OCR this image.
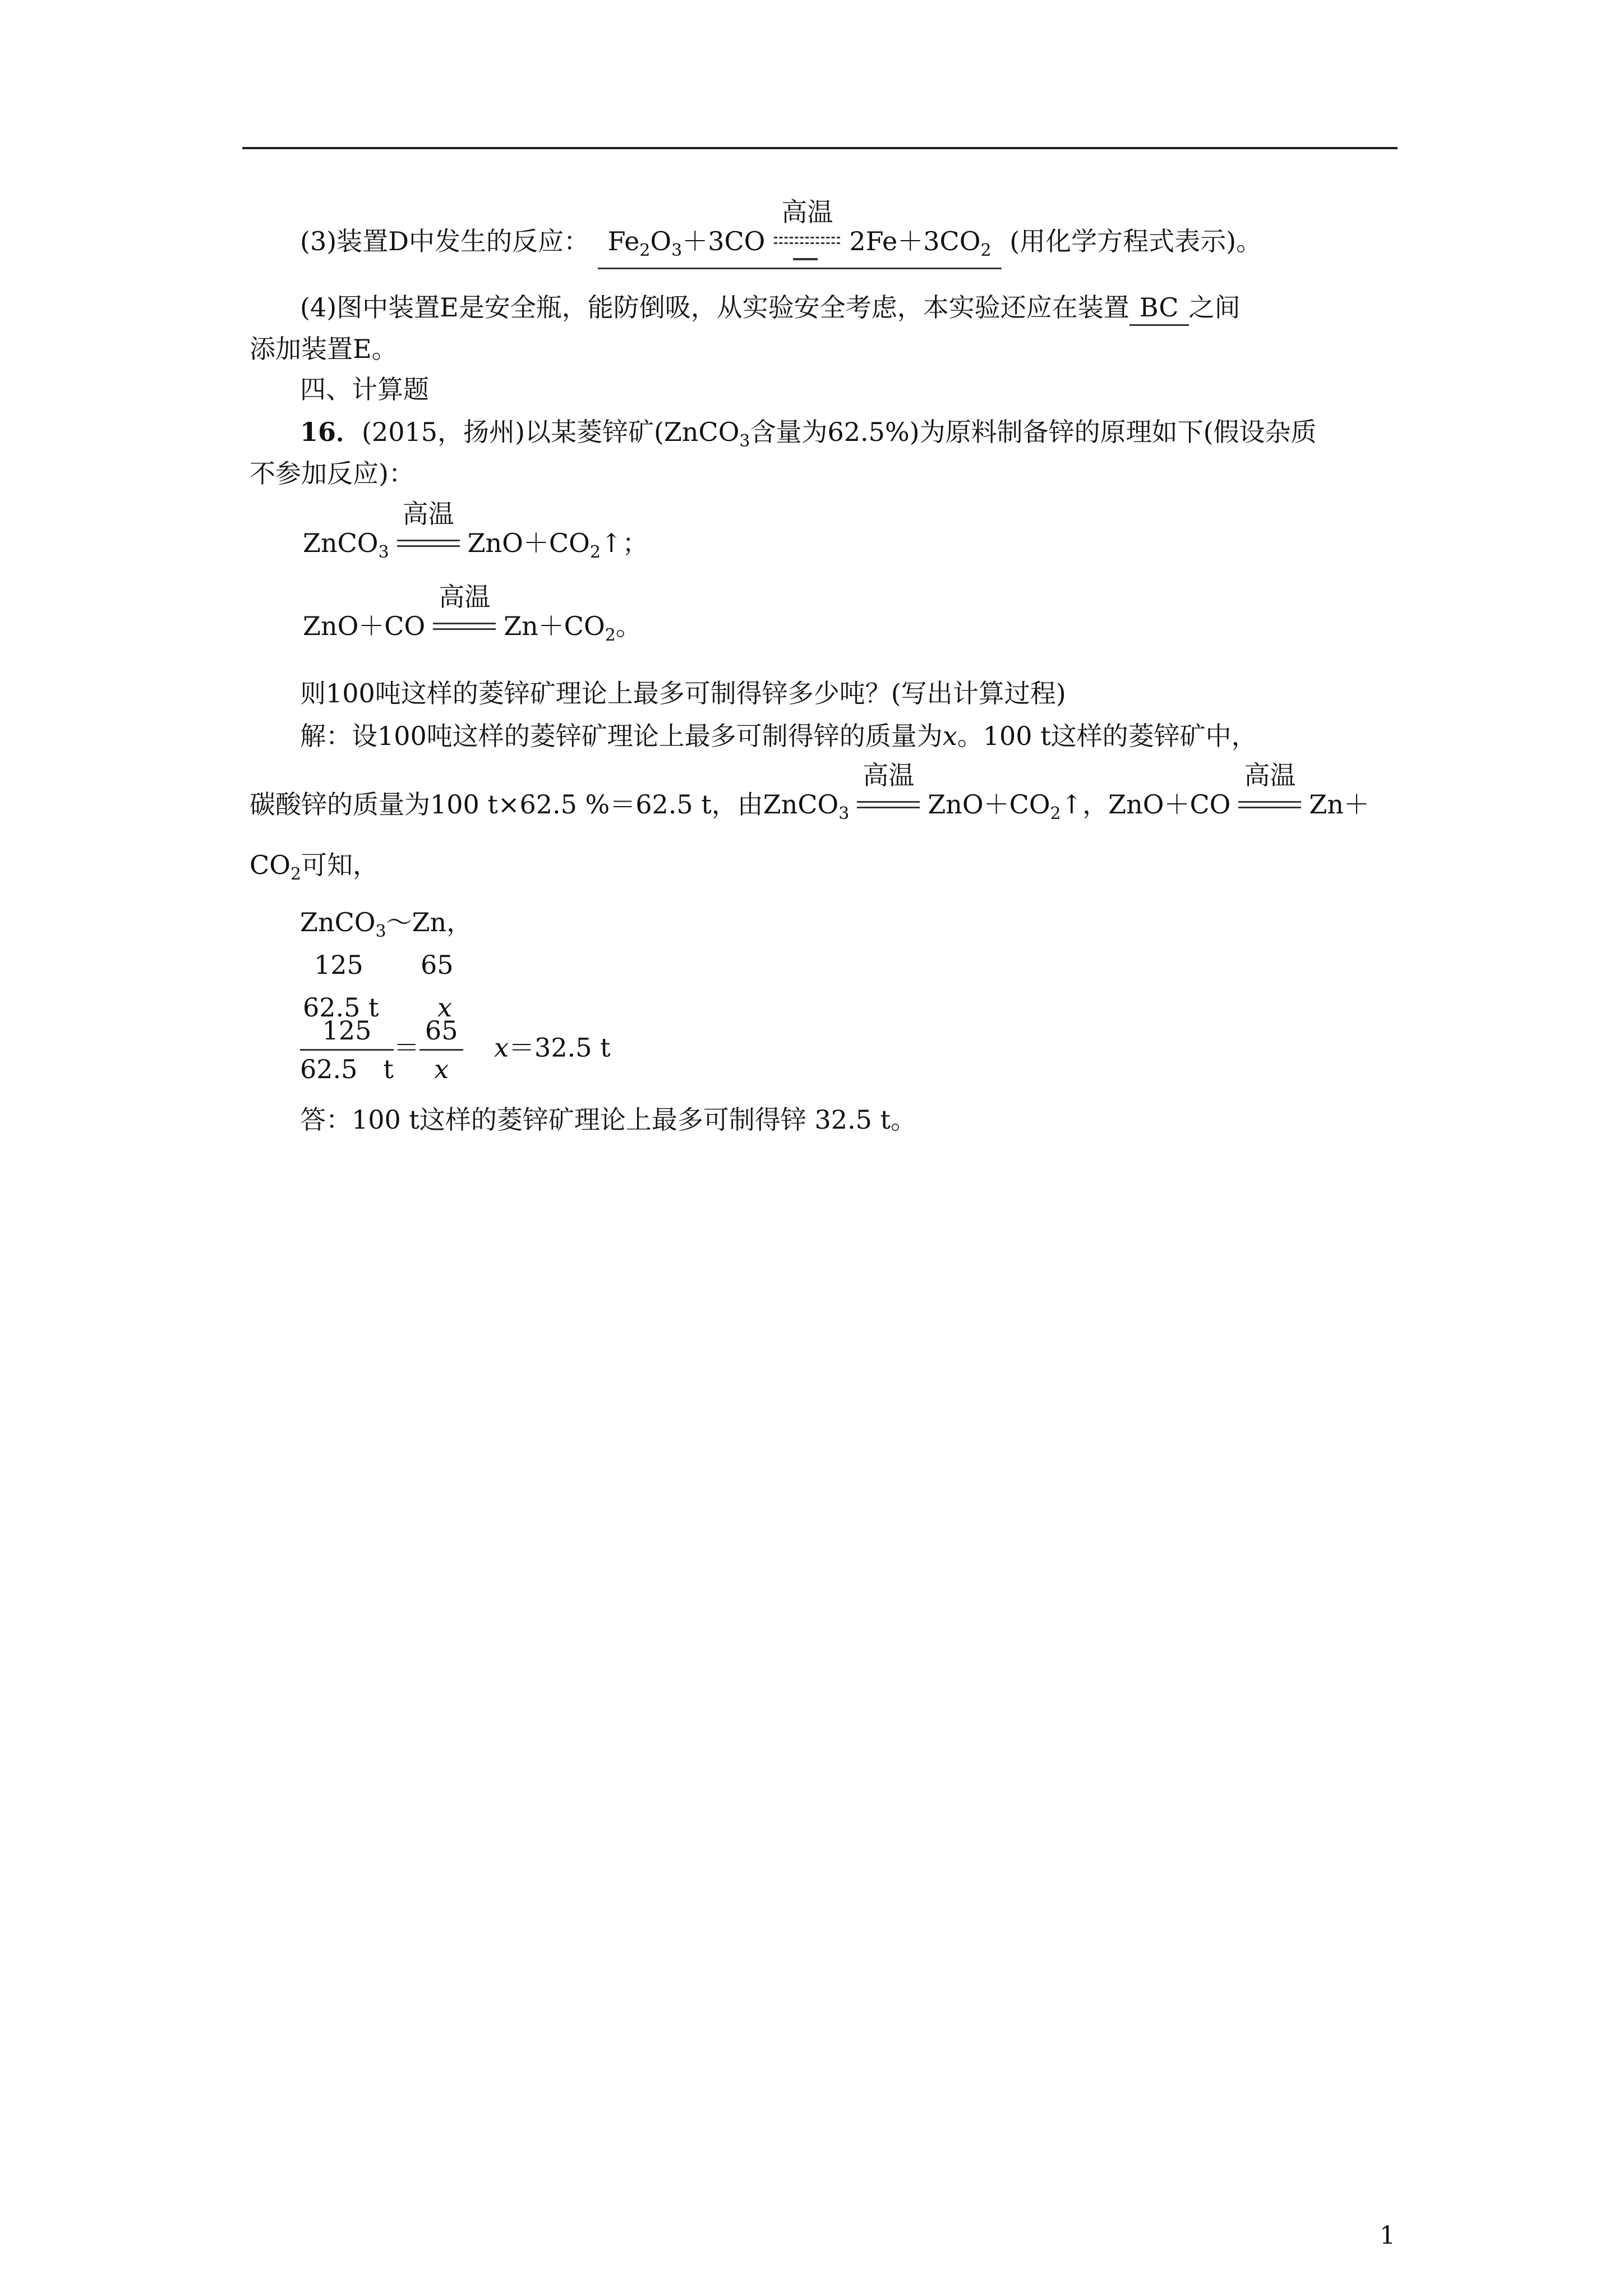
(3)装置D中发生的反应： $Fe_2O_3+3CO$
高温
$2Fe+3CO_2$ (用化学方程式表示)。
(4)图中装置E是安全瓶，能防倒吸，从实验安全考虑，本实验还应在装置 BC 之间
添加装置E。
四、计算题
16．(2015，扬州)以某菱锌矿(ZnCO$_3$含量为62.5%)为原料制备锌的原理如下(假设杂质
不参加反应)：
ZnCO$_3$
高温
$ZnO+CO_2↑$；
ZnO＋CO
高温
$Zn+CO_2$。
则100吨这样的菱锌矿理论上最多可制得锌多少吨？(写出计算过程)
解：设100吨这样的菱锌矿理论上最多可制得锌的质量为x。100 t这样的菱锌矿中，
碳酸锌的质量为100 t×62.5 %＝62.5 t，由ZnCO$_3$
高温
$ZnO+CO_2↑$，ZnO＋CO
高温
Zn＋
$CO_2$可知，
ZnCO$_3$～Zn，
125 65
62.5 t x
$\frac{125}{62.5 t} = \frac{65}{x} x=32.5$ t
答：100 t这样的菱锌矿理论上最多可制得锌 32.5 t。
1
